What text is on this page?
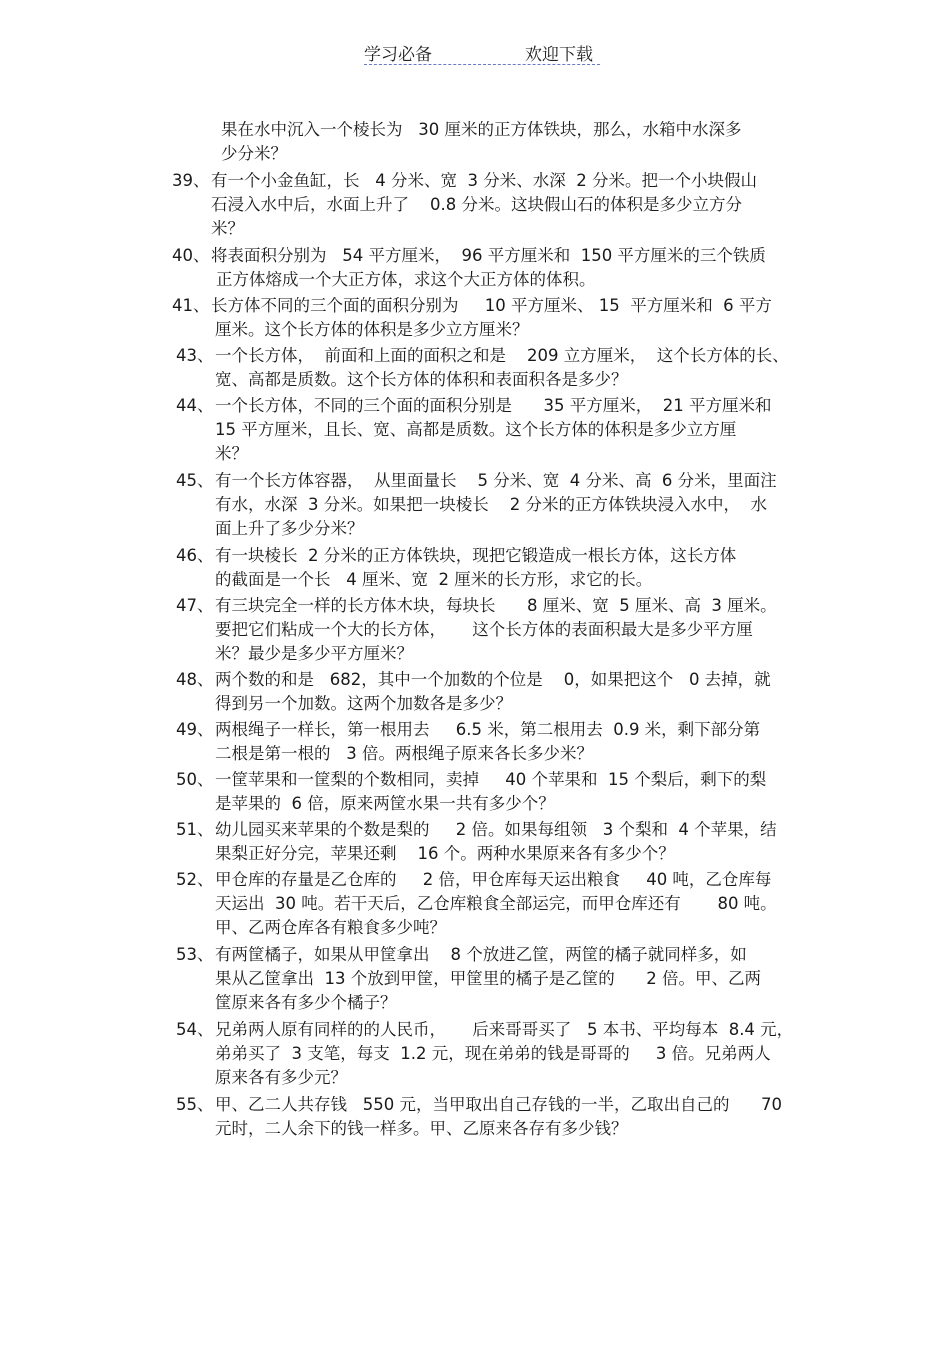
学习必备	欢迎下载
果在水中沉入一个棱长为   30 厘米的正方体铁块，那么，水箱中水深多
少分米？
39、 有一个小金鱼缸，长   4 分米、宽  3 分米、水深  2 分米。把一个小块假山
石浸入水中后，水面上升了    0.8 分米。这块假山石的体积是多少立方分
米？
40、 将表面积分别为   54 平方厘米，  96 平方厘米和  150 平方厘米的三个铁质
正方体熔成一个大正方体，求这个大正方体的体积。
41、 长方体不同的三个面的面积分别为     10 平方厘米、 15  平方厘米和  6 平方
厘米。这个长方体的体积是多少立方厘米？
43、 一个长方体，  前面和上面的面积之和是    209 立方厘米，  这个长方体的长、
宽、高都是质数。这个长方体的体积和表面积各是多少？
44、 一个长方体，不同的三个面的面积分别是      35 平方厘米，  21 平方厘米和
15 平方厘米，且长、宽、高都是质数。这个长方体的体积是多少立方厘
米？
45、 有一个长方体容器，  从里面量长    5 分米、宽  4 分米、高  6 分米，里面注
有水，水深  3 分米。如果把一块棱长    2 分米的正方体铁块浸入水中，  水
面上升了多少分米？
46、 有一块棱长  2 分米的正方体铁块，现把它锻造成一根长方体，这长方体
的截面是一个长   4 厘米、宽  2 厘米的长方形，求它的长。
47、 有三块完全一样的长方体木块，每块长      8 厘米、宽  5 厘米、高  3 厘米。
要把它们粘成一个大的长方体，     这个长方体的表面积最大是多少平方厘
米？最少是多少平方厘米？
48、 两个数的和是   682，其中一个加数的个位是    0，如果把这个   0 去掉，就
得到另一个加数。这两个加数各是多少？
49、 两根绳子一样长，第一根用去     6.5 米，第二根用去  0.9 米，剩下部分第
二根是第一根的   3 倍。两根绳子原来各长多少米？
50、 一筐苹果和一筐梨的个数相同，卖掉     40 个苹果和  15 个梨后，剩下的梨
是苹果的  6 倍，原来两筐水果一共有多少个？
51、 幼儿园买来苹果的个数是梨的     2 倍。如果每组领   3 个梨和  4 个苹果，结
果梨正好分完，苹果还剩    16 个。两种水果原来各有多少个？
52、 甲仓库的存量是乙仓库的     2 倍，甲仓库每天运出粮食     40 吨，乙仓库每
天运出  30 吨。若干天后，乙仓库粮食全部运完，而甲仓库还有       80 吨。
甲、乙两仓库各有粮食多少吨？
53、 有两筐橘子，如果从甲筐拿出    8 个放进乙筐，两筐的橘子就同样多，如
果从乙筐拿出  13 个放到甲筐，甲筐里的橘子是乙筐的      2 倍。甲、乙两
筐原来各有多少个橘子？
54、 兄弟两人原有同样的的人民币，     后来哥哥买了   5 本书、平均每本  8.4 元，
弟弟买了  3 支笔，每支  1.2 元，现在弟弟的钱是哥哥的     3 倍。兄弟两人
原来各有多少元？
55、 甲、乙二人共存钱   550 元，当甲取出自己存钱的一半，乙取出自己的      70
元时，二人余下的钱一样多。甲、乙原来各存有多少钱？
